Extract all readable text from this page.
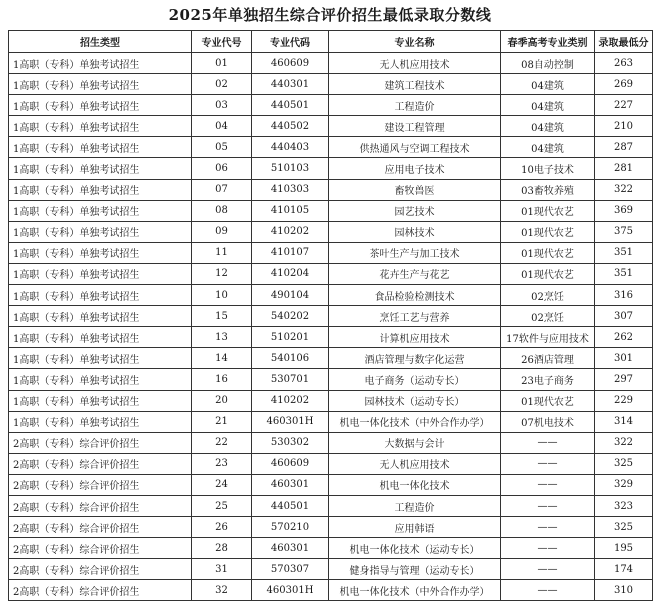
2025年单独招生综合评价招生最低录取分数线
招生类型	专业代号	专业代码	专业名称	春季高考专业类别	录取最低分
1高职（专科）单独考试招生	01	460609	无人机应用技术	08自动控制	263
1高职（专科）单独考试招生	02	440301	建筑工程技术	04建筑	269
1高职（专科）单独考试招生	03	440501	工程造价	04建筑	227
1高职（专科）单独考试招生	04	440502	建设工程管理	04建筑	210
1高职（专科）单独考试招生	05	440403	供热通风与空调工程技术	04建筑	287
1高职（专科）单独考试招生	06	510103	应用电子技术	10电子技术	281
1高职（专科）单独考试招生	07	410303	畜牧兽医	03畜牧养殖	322
1高职（专科）单独考试招生	08	410105	园艺技术	01现代农艺	369
1高职（专科）单独考试招生	09	410202	园林技术	01现代农艺	375
1高职（专科）单独考试招生	11	410107	茶叶生产与加工技术	01现代农艺	351
1高职（专科）单独考试招生	12	410204	花卉生产与花艺	01现代农艺	351
1高职（专科）单独考试招生	10	490104	食品检验检测技术	02烹饪	316
1高职（专科）单独考试招生	15	540202	烹饪工艺与营养	02烹饪	307
1高职（专科）单独考试招生	13	510201	计算机应用技术	17软件与应用技术	262
1高职（专科）单独考试招生	14	540106	酒店管理与数字化运营	26酒店管理	301
1高职（专科）单独考试招生	16	530701	电子商务（运动专长）	23电子商务	297
1高职（专科）单独考试招生	20	410202	园林技术（运动专长）	01现代农艺	229
1高职（专科）单独考试招生	21	460301H	机电一体化技术（中外合作办学）	07机电技术	314
2高职（专科）综合评价招生	22	530302	大数据与会计	——	322
2高职（专科）综合评价招生	23	460609	无人机应用技术	——	325
2高职（专科）综合评价招生	24	460301	机电一体化技术	——	329
2高职（专科）综合评价招生	25	440501	工程造价	——	323
2高职（专科）综合评价招生	26	570210	应用韩语	——	325
2高职（专科）综合评价招生	28	460301	机电一体化技术（运动专长）	——	195
2高职（专科）综合评价招生	31	570307	健身指导与管理（运动专长）	——	174
2高职（专科）综合评价招生	32	460301H	机电一体化技术（中外合作办学）	——	310
